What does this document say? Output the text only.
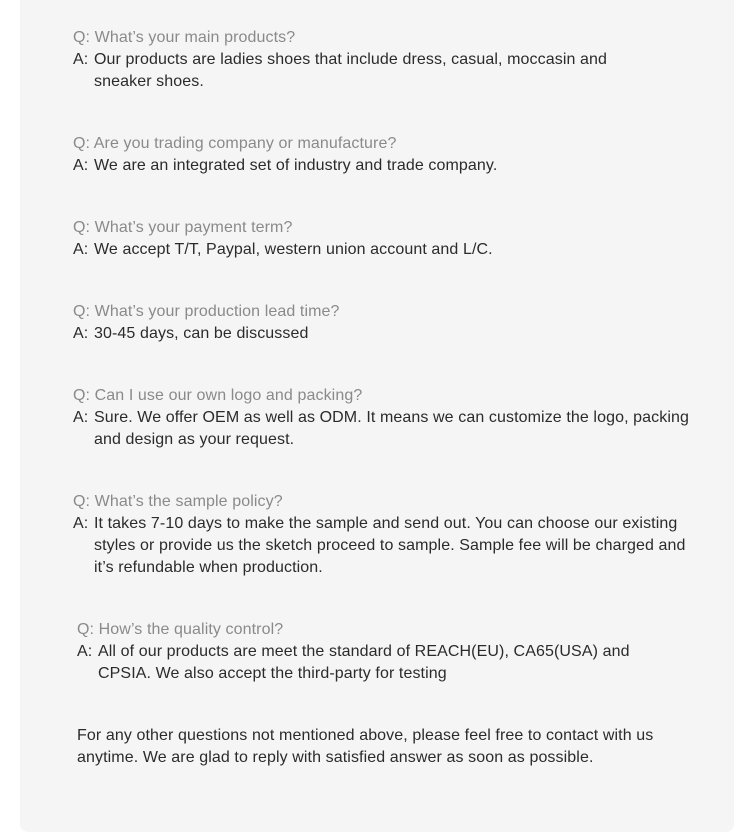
Q: What’s your main products?
A: Our products are ladies shoes that include dress, casual, moccasin and sneaker shoes.
Q: Are you trading company or manufacture?
A: We are an integrated set of industry and trade company.
Q: What’s your payment term?
A: We accept T/T, Paypal, western union account and L/C.
Q: What’s your production lead time?
A: 30-45 days, can be discussed
Q: Can I use our own logo and packing?
A: Sure. We offer OEM as well as ODM. It means we can customize the logo, packing and design as your request.
Q: What’s the sample policy?
A: It takes 7-10 days to make the sample and send out. You can choose our existing styles or provide us the sketch proceed to sample. Sample fee will be charged and it’s refundable when production.
Q: How’s the quality control?
A: All of our products are meet the standard of REACH(EU), CA65(USA) and CPSIA. We also accept the third-party for testing
For any other questions not mentioned above, please feel free to contact with us anytime. We are glad to reply with satisfied answer as soon as possible.
